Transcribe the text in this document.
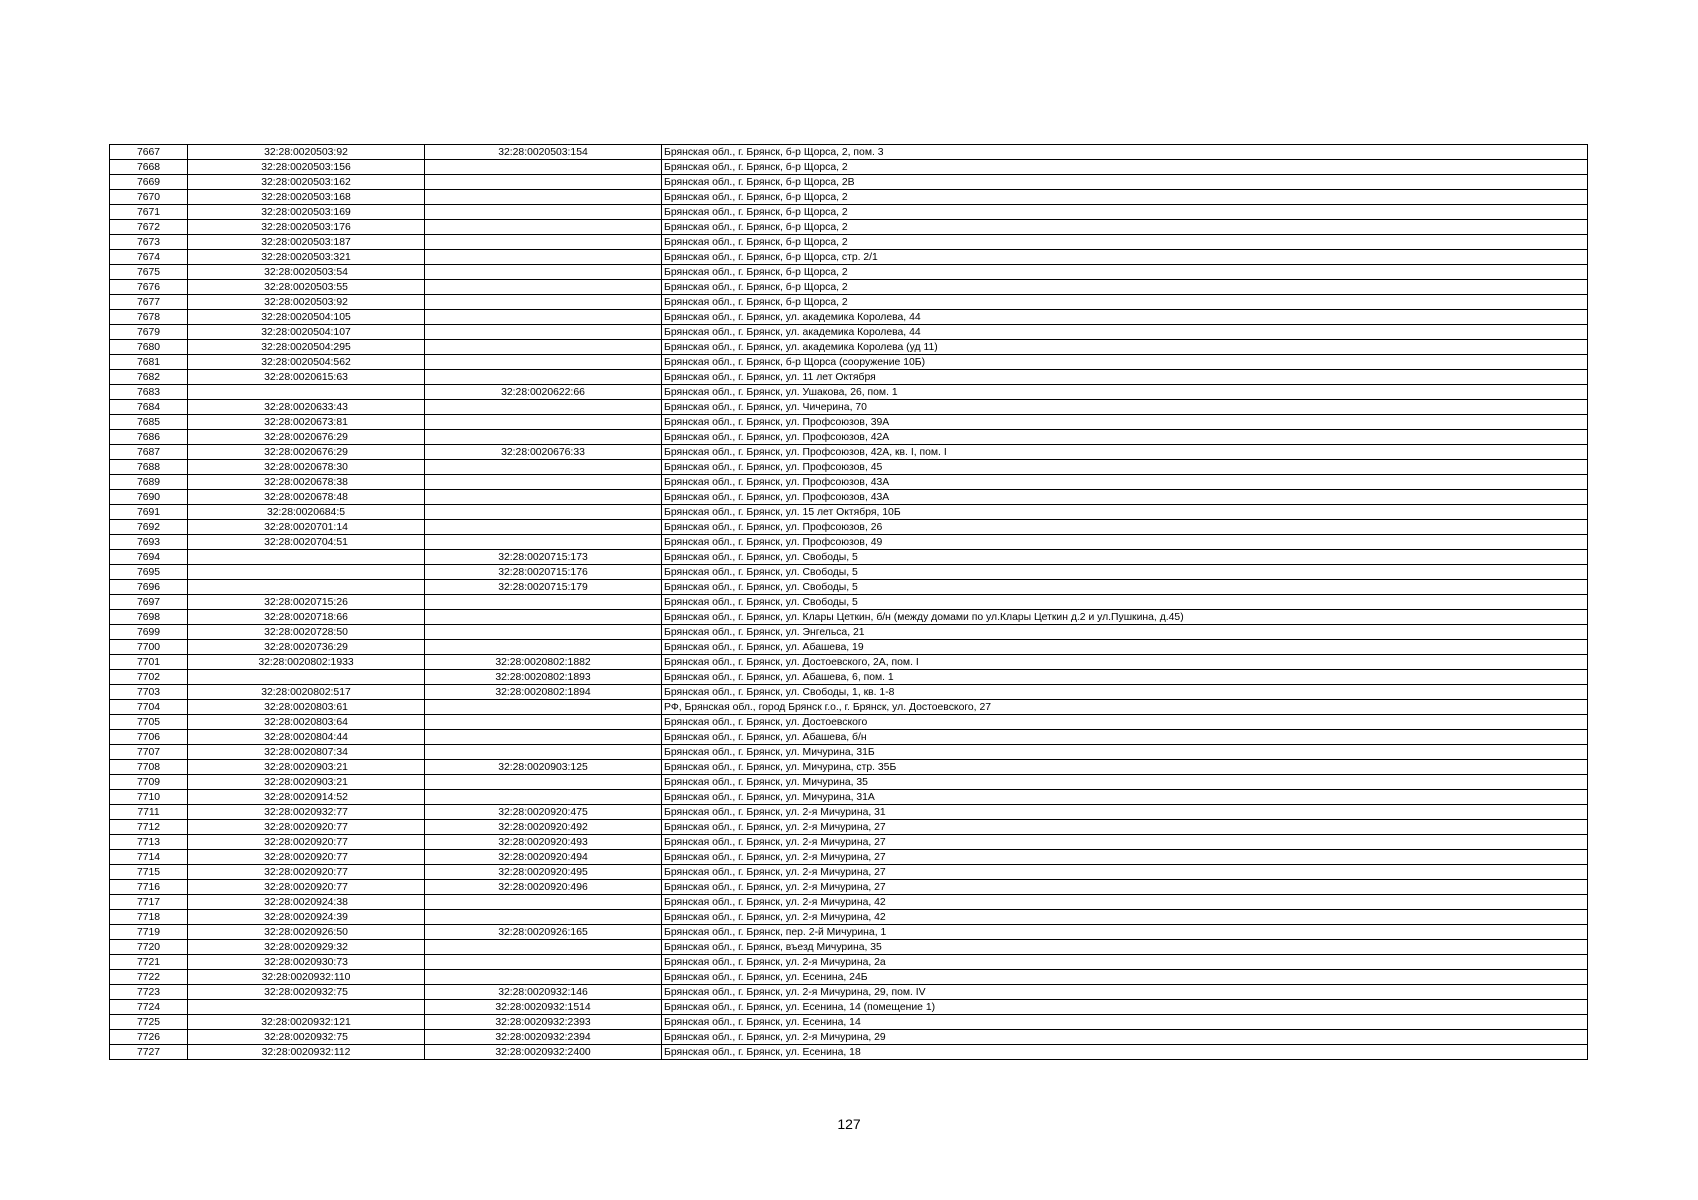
7667	32:28:0020503:92	32:28:0020503:154	Брянская обл., г. Брянск, б-р Щорса, 2, пом. 3
7668	32:28:0020503:156		Брянская обл., г. Брянск, б-р Щорса, 2
7669	32:28:0020503:162		Брянская обл., г. Брянск, б-р Щорса, 2В
7670	32:28:0020503:168		Брянская обл., г. Брянск, б-р Щорса, 2
7671	32:28:0020503:169		Брянская обл., г. Брянск, б-р Щорса, 2
7672	32:28:0020503:176		Брянская обл., г. Брянск, б-р Щорса, 2
7673	32:28:0020503:187		Брянская обл., г. Брянск, б-р Щорса, 2
7674	32:28:0020503:321		Брянская обл., г. Брянск, б-р Щорса, стр. 2/1
7675	32:28:0020503:54		Брянская обл., г. Брянск, б-р Щорса, 2
7676	32:28:0020503:55		Брянская обл., г. Брянск, б-р Щорса, 2
7677	32:28:0020503:92		Брянская обл., г. Брянск, б-р Щорса, 2
7678	32:28:0020504:105		Брянская обл., г. Брянск, ул. академика Королева, 44
7679	32:28:0020504:107		Брянская обл., г. Брянск, ул. академика Королева, 44
7680	32:28:0020504:295		Брянская обл., г. Брянск, ул. академика Королева (уд 11)
7681	32:28:0020504:562		Брянская обл., г. Брянск, б-р Щорса (сооружение 10Б)
7682	32:28:0020615:63		Брянская обл., г. Брянск, ул. 11 лет Октября
7683		32:28:0020622:66	Брянская обл., г. Брянск, ул. Ушакова, 26, пом. 1
7684	32:28:0020633:43		Брянская обл., г. Брянск, ул. Чичерина, 70
7685	32:28:0020673:81		Брянская обл., г. Брянск, ул. Профсоюзов, 39А
7686	32:28:0020676:29		Брянская обл., г. Брянск, ул. Профсоюзов, 42А
7687	32:28:0020676:29	32:28:0020676:33	Брянская обл., г. Брянск, ул. Профсоюзов, 42А, кв. I, пом. I
7688	32:28:0020678:30		Брянская обл., г. Брянск, ул. Профсоюзов, 45
7689	32:28:0020678:38		Брянская обл., г. Брянск, ул. Профсоюзов, 43А
7690	32:28:0020678:48		Брянская обл., г. Брянск, ул. Профсоюзов, 43А
7691	32:28:0020684:5		Брянская обл., г. Брянск, ул. 15 лет Октября, 10Б
7692	32:28:0020701:14		Брянская обл., г. Брянск, ул. Профсоюзов, 26
7693	32:28:0020704:51		Брянская обл., г. Брянск, ул. Профсоюзов, 49
7694		32:28:0020715:173	Брянская обл., г. Брянск, ул. Свободы, 5
7695		32:28:0020715:176	Брянская обл., г. Брянск, ул. Свободы, 5
7696		32:28:0020715:179	Брянская обл., г. Брянск, ул. Свободы, 5
7697	32:28:0020715:26		Брянская обл., г. Брянск, ул. Свободы, 5
7698	32:28:0020718:66		Брянская обл., г. Брянск, ул. Клары Цеткин, б/н (между домами по ул.Клары Цеткин д.2 и ул.Пушкина, д.45)
7699	32:28:0020728:50		Брянская обл., г. Брянск, ул. Энгельса, 21
7700	32:28:0020736:29		Брянская обл., г. Брянск, ул. Абашева, 19
7701	32:28:0020802:1933	32:28:0020802:1882	Брянская обл., г. Брянск, ул. Достоевского, 2А, пом. I
7702		32:28:0020802:1893	Брянская обл., г. Брянск, ул. Абашева, 6, пом. 1
7703	32:28:0020802:517	32:28:0020802:1894	Брянская обл., г. Брянск, ул. Свободы, 1, кв. 1-8
7704	32:28:0020803:61		РФ, Брянская обл., город Брянск г.о., г. Брянск, ул. Достоевского, 27
7705	32:28:0020803:64		Брянская обл., г. Брянск, ул. Достоевского
7706	32:28:0020804:44		Брянская обл., г. Брянск, ул. Абашева, б/н
7707	32:28:0020807:34		Брянская обл., г. Брянск, ул. Мичурина, 31Б
7708	32:28:0020903:21	32:28:0020903:125	Брянская обл., г. Брянск, ул. Мичурина, стр. 35Б
7709	32:28:0020903:21		Брянская обл., г. Брянск, ул. Мичурина, 35
7710	32:28:0020914:52		Брянская обл., г. Брянск, ул. Мичурина, 31А
7711	32:28:0020932:77	32:28:0020920:475	Брянская обл., г. Брянск, ул. 2-я Мичурина, 31
7712	32:28:0020920:77	32:28:0020920:492	Брянская обл., г. Брянск, ул. 2-я Мичурина, 27
7713	32:28:0020920:77	32:28:0020920:493	Брянская обл., г. Брянск, ул. 2-я Мичурина, 27
7714	32:28:0020920:77	32:28:0020920:494	Брянская обл., г. Брянск, ул. 2-я Мичурина, 27
7715	32:28:0020920:77	32:28:0020920:495	Брянская обл., г. Брянск, ул. 2-я Мичурина, 27
7716	32:28:0020920:77	32:28:0020920:496	Брянская обл., г. Брянск, ул. 2-я Мичурина, 27
7717	32:28:0020924:38		Брянская обл., г. Брянск, ул. 2-я Мичурина, 42
7718	32:28:0020924:39		Брянская обл., г. Брянск, ул. 2-я Мичурина, 42
7719	32:28:0020926:50	32:28:0020926:165	Брянская обл., г. Брянск, пер. 2-й Мичурина, 1
7720	32:28:0020929:32		Брянская обл., г. Брянск, въезд Мичурина, 35
7721	32:28:0020930:73		Брянская обл., г. Брянск, ул. 2-я Мичурина, 2а
7722	32:28:0020932:110		Брянская обл., г. Брянск, ул. Есенина, 24Б
7723	32:28:0020932:75	32:28:0020932:146	Брянская обл., г. Брянск, ул. 2-я Мичурина, 29, пом. IV
7724		32:28:0020932:1514	Брянская обл., г. Брянск, ул. Есенина, 14 (помещение 1)
7725	32:28:0020932:121	32:28:0020932:2393	Брянская обл., г. Брянск, ул. Есенина, 14
7726	32:28:0020932:75	32:28:0020932:2394	Брянская обл., г. Брянск, ул. 2-я Мичурина, 29
7727	32:28:0020932:112	32:28:0020932:2400	Брянская обл., г. Брянск, ул. Есенина, 18
127
